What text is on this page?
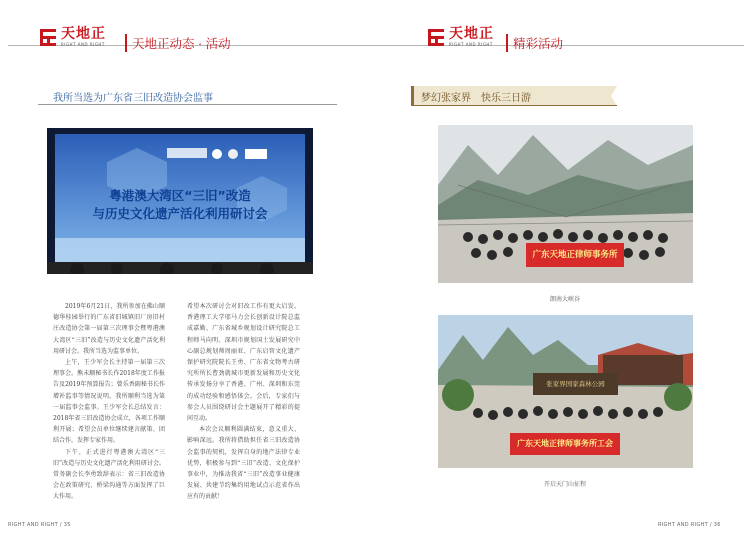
天地正
RIGHT AND RIGHT 天地正动态 · 活动
我所当选为广东省三旧改造协会监事
粤港澳大湾区“三旧”改造
与历史文化遗产活化利用研讨会

2019年6月21日，我所参加在佛山顺德华桂园举行的广东省旧城镇旧厂房旧村庄改造协会第一届第三次理事会暨粤港澳大湾区“三旧”改造与历史文化遗产活化利用研讨会。我所当选为监事单位。

上午，王少军会长主持第一届第三次理事会。熊未顺秘书长作2018年度工作报告及2019年预算报告；曾乐香副秘书长作增补监事等情况说明。我所顺利当选为第一届监事会监事。王少军会长总结发言：2018年省三旧改造协会成立，各项工作顺利开展；希望会员单位继续建言献策、团结合作，发挥专家作用。

下午，正式进行粤港澳大湾区“三旧”改造与历史文化遗产活化利用研讨会。常务副会长李勇致辞表示：省三旧改造协会在政策研究、桥梁沟通等方面发挥了巨大作用。

希望本次研讨会对旧改工作有更大启发。香港理工大学邬马力会长创新设计院总监成嘉勤、广东省城乡规划设计研究院总工程师马向明、深圳市规划国土发展研究中心副总规划师周丽亚、广东启智文化遗产保护研究院院长王勇、广东省文物考古研究所所长曹劲就城市更新发展和历史文化传承发扬分享了香港、广州、深圳和东莞的成功经验和感悟体会。会后，专家们与参会人员围绕研讨会主题展开了精彩的提问互动。

本次会议顺利圆满结束，意义重大、影响深远。我所将借助担任省三旧改造协会监事的契机，发挥自身的地产法律专业优势，积极参与到“三旧”改造、文化保护事业中，为推动我省“三旧”改造事业健康发展、共建节约集约用地试点示范省作出应有的贡献！

RIGHT AND RIGHT / 35
天地正
RIGHT AND RIGHT 精彩活动
梦幻张家界　快乐三日游
广东天地正律师事务所
朗南大峡谷
张家界国家森林公园
广东天地正律师事务所工会
开启天门山征程
RIGHT AND RIGHT / 36
